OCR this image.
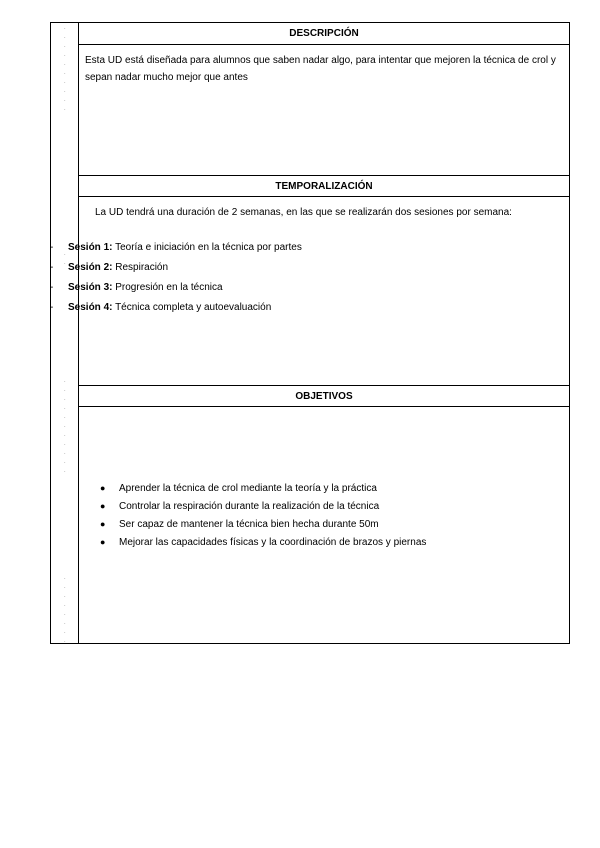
·
·
·
·
·
·
·
·
·
·
·
·
·
·
·
·
·
·
·
·
·
·
·
·
·
·
·
·
·
·
·
DESCRIPCIÓN
Esta UD está diseñada para alumnos que saben nadar algo, para intentar que mejoren la técnica de crol y sepan nadar mucho mejor que antes
TEMPORALIZACIÓN
La UD tendrá una duración de 2 semanas, en las que se realizarán dos sesiones por semana:
OBJETIVOS
- Sesión 1: Teoría e iniciación en la técnica por partes
- Sesión 2: Respiración
- Sesión 3: Progresión en la técnica
- Sesión 4: Técnica completa y autoevaluación
● Aprender la técnica de crol mediante la teoría y la práctica
● Controlar la respiración durante la realización de la técnica
● Ser capaz de mantener la técnica bien hecha durante 50m
● Mejorar las capacidades físicas y la coordinación de brazos y piernas
